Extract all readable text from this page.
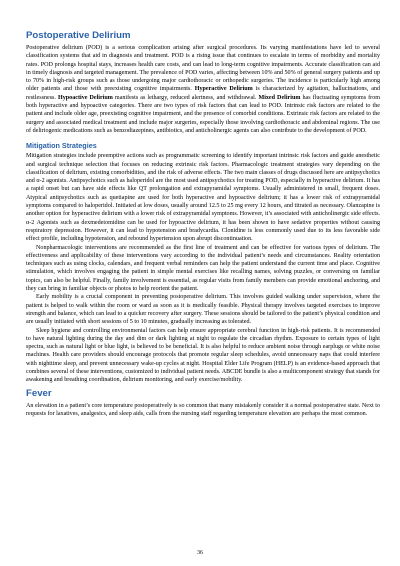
Postoperative Delirium

Postoperative delirium (POD) is a serious complication arising after surgical procedures. Its varying manifestations have led to several classification systems that aid in diagnosis and treatment. POD is a rising issue that continues to escalate in terms of morbidity and mortality rates. POD prolongs hospital stays, increases health care costs, and can lead to long-term cognitive impairments. Accurate classification can aid in timely diagnosis and targeted management. The prevalence of POD varies, affecting between 10% and 50% of general surgery patients and up to 70% in high-risk groups such as those undergoing major cardiothoracic or orthopedic surgeries. The incidence is particularly high among older patients and those with preexisting cognitive impairments. Hyperactive Delirium is characterized by agitation, hallucinations, and restlessness. Hypoactive Delirium manifests as lethargy, reduced alertness, and withdrawal. Mixed Delirium has fluctuating symptoms from both hyperactive and hypoactive categories. There are two types of risk factors that can lead to POD. Intrinsic risk factors are related to the patient and include older age, preexisting cognitive impairment, and the presence of comorbid conditions. Extrinsic risk factors are related to the surgery and associated medical treatment and include major surgeries, especially those involving cardiothoracic and abdominal regions. The use of deliriogenic medications such as benzodiazepines, antibiotics, and anticholinergic agents can also contribute to the development of POD.

Mitigation Strategies

Mitigation strategies include preemptive actions such as programmatic screening to identify important intrinsic risk factors and guide anesthetic and surgical technique selection that focuses on reducing extrinsic risk factors. Pharmacologic treatment strategies vary depending on the classification of delirium, existing comorbidities, and the risk of adverse effects. The two main classes of drugs discussed here are antipsychotics and α-2 agonists. Antipsychotics such as haloperidol are the most used antipsychotics for treating POD, especially in hyperactive delirium. It has a rapid onset but can have side effects like QT prolongation and extrapyramidal symptoms. Usually administered in small, frequent doses. Atypical antipsychotics such as quetiapine are used for both hyperactive and hypoactive delirium; it has a lower risk of extrapyramidal symptoms compared to haloperidol. Initiated at low doses, usually around 12.5 to 25 mg every 12 hours, and titrated as necessary. Olanzapine is another option for hyperactive delirium with a lower risk of extrapyramidal symptoms. However, it’s associated with anticholinergic side effects. α-2 Agonists such as dexmedetomidine can be used for hypoactive delirium, it has been shown to have sedative properties without causing respiratory depression. However, it can lead to hypotension and bradycardia. Clonidine is less commonly used due to its less favorable side effect profile, including hypotension, and rebound hypertension upon abrupt discontinuation.

Nonpharmacologic interventions are recommended as the first line of treatment and can be effective for various types of delirium. The effectiveness and applicability of these interventions vary according to the individual patient’s needs and circumstances. Reality orientation techniques such as using clocks, calendars, and frequent verbal reminders can help the patient understand the current time and place. Cognitive stimulation, which involves engaging the patient in simple mental exercises like recalling names, solving puzzles, or conversing on familiar topics, can also be helpful. Finally, family involvement is essential, as regular visits from family members can provide emotional anchoring, and they can bring in familiar objects or photos to help reorient the patient.

Early mobility is a crucial component in preventing postoperative delirium. This involves guided walking under supervision, where the patient is helped to walk within the room or ward as soon as it is medically feasible. Physical therapy involves targeted exercises to improve strength and balance, which can lead to a quicker recovery after surgery. These sessions should be tailored to the patient’s physical condition and are usually initiated with short sessions of 5 to 10 minutes, gradually increasing as tolerated.

Sleep hygiene and controlling environmental factors can help ensure appropriate cerebral function in high-risk patients. It is recommended to have natural lighting during the day and dim or dark lighting at night to regulate the circadian rhythm. Exposure to certain types of light spectra, such as natural light or blue light, is believed to be beneficial. It is also helpful to reduce ambient noise through earplugs or white noise machines. Health care providers should encourage protocols that promote regular sleep schedules, avoid unnecessary naps that could interfere with nighttime sleep, and prevent unnecessary wake-up cycles at night. Hospital Elder Life Program (HELP) is an evidence-based approach that combines several of these interventions, customized to individual patient needs. ABCDE bundle is also a multicomponent strategy that stands for awakening and breathing coordination, delirium monitoring, and early exercise/mobility.

Fever

An elevation in a patient’s core temperature postoperatively is so common that many mistakenly consider it a normal postoperative state. Next to requests for laxatives, analgesics, and sleep aids, calls from the nursing staff regarding temperature elevation are perhaps the most common.

36
